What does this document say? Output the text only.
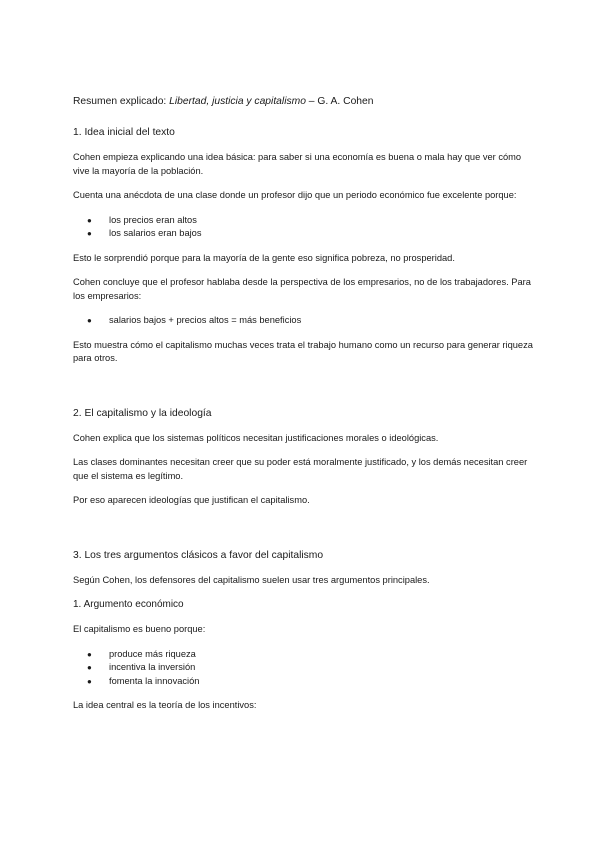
Resumen explicado: Libertad, justicia y capitalismo – G. A. Cohen
1. Idea inicial del texto
Cohen empieza explicando una idea básica: para saber si una economía es buena o mala hay que ver cómo vive la mayoría de la población.
Cuenta una anécdota de una clase donde un profesor dijo que un periodo económico fue excelente porque:
● los precios eran altos
● los salarios eran bajos
Esto le sorprendió porque para la mayoría de la gente eso significa pobreza, no prosperidad.
Cohen concluye que el profesor hablaba desde la perspectiva de los empresarios, no de los trabajadores. Para los empresarios:
● salarios bajos + precios altos = más beneficios
Esto muestra cómo el capitalismo muchas veces trata el trabajo humano como un recurso para generar riqueza para otros.
2. El capitalismo y la ideología
Cohen explica que los sistemas políticos necesitan justificaciones morales o ideológicas.
Las clases dominantes necesitan creer que su poder está moralmente justificado, y los demás necesitan creer que el sistema es legítimo.
Por eso aparecen ideologías que justifican el capitalismo.
3. Los tres argumentos clásicos a favor del capitalismo
Según Cohen, los defensores del capitalismo suelen usar tres argumentos principales.
1. Argumento económico
El capitalismo es bueno porque:
● produce más riqueza
● incentiva la inversión
● fomenta la innovación
La idea central es la teoría de los incentivos:
